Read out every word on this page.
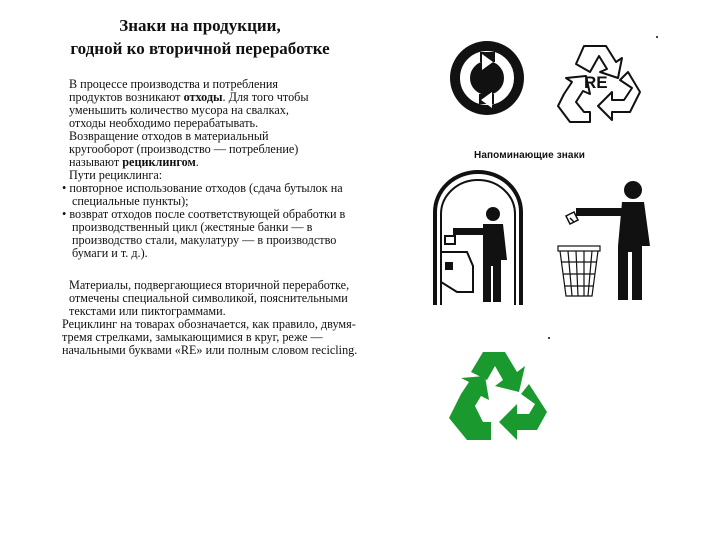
Знаки на продукции,
годной ко вторичной переработке

В процессе производства и потребления
продуктов возникают отходы. Для того чтобы
уменьшить количество мусора на свалках,
отходы необходимо перерабатывать.
Возвращение отходов в материальный
кругооборот (производство — потребление)
называют рециклингом.

Пути рециклинга:

• повторное использование отходов (сдача бутылок на специальные пункты);

• возврат отходов после соответствующей обработки в производственный цикл (жестяные банки — в производство стали, макулатуру — в производство бумаги и т. д.).

Материалы, подвергающиеся вторичной переработке, отмечены специальной символикой, пояснительными текстами или пиктограммами.

Рециклинг на товарах обозначается, как правило, двумя-тремя стрелками, замыкающимися в круг, реже — начальными буквами «RE» или полным словом recicling.

RE
Напоминающие знаки
